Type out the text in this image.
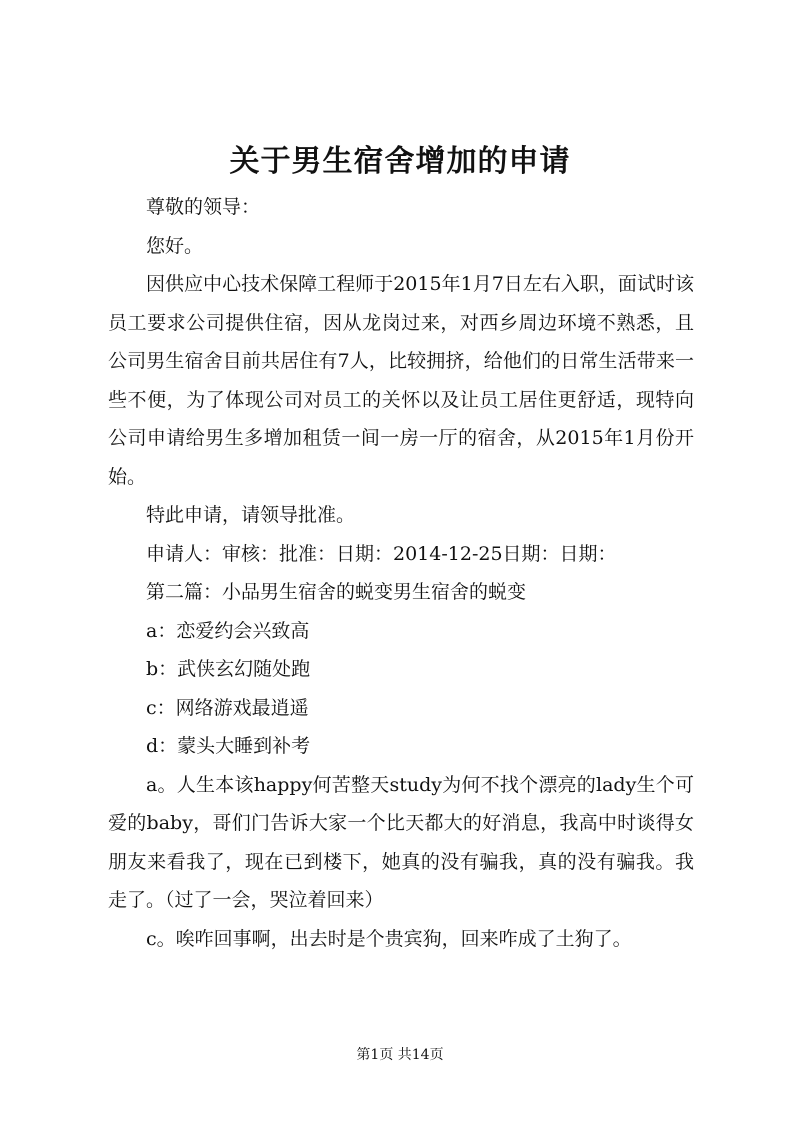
关于男生宿舍增加的申请

尊敬的领导：

您好。

因供应中心技术保障工程师于2015年1月7日左右入职，面试时该员工要求公司提供住宿，因从龙岗过来，对西乡周边环境不熟悉，且公司男生宿舍目前共居住有7人，比较拥挤，给他们的日常生活带来一些不便，为了体现公司对员工的关怀以及让员工居住更舒适，现特向公司申请给男生多增加租赁一间一房一厅的宿舍，从2015年1月份开始。

特此申请，请领导批准。

申请人：审核：批准：日期：2014-12-25日期：日期：

第二篇：小品男生宿舍的蜕变男生宿舍的蜕变

a：恋爱约会兴致高

b：武侠玄幻随处跑

c：网络游戏最逍遥

d：蒙头大睡到补考

a。人生本该happy何苦整天study为何不找个漂亮的lady生个可爱的baby，哥们门告诉大家一个比天都大的好消息，我高中时谈得女朋友来看我了，现在已到楼下，她真的没有骗我，真的没有骗我。我走了。（过了一会，哭泣着回来）

c。唉咋回事啊，出去时是个贵宾狗，回来咋成了土狗了。

第1页 共14页
